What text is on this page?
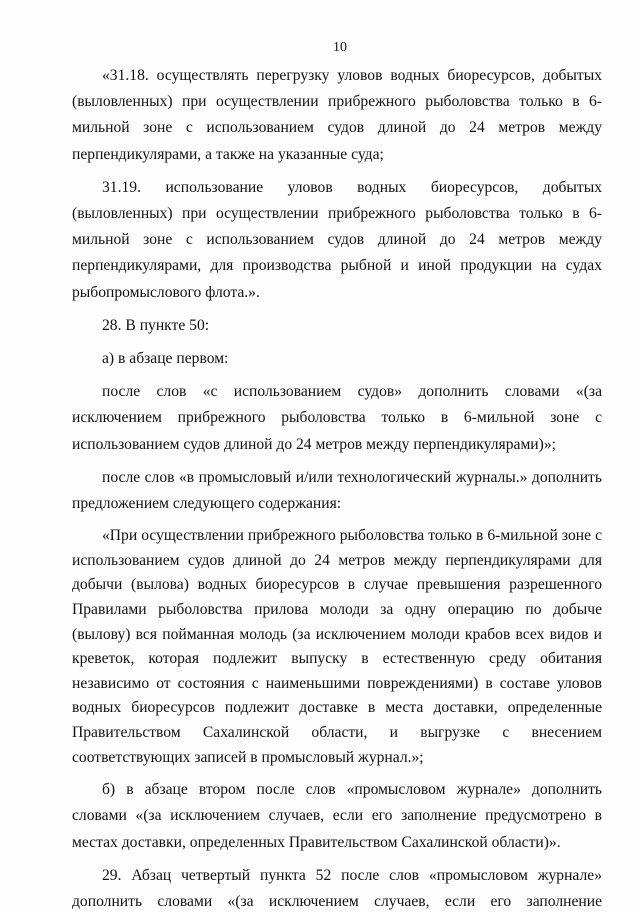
10

«31.18. осуществлять перегрузку уловов водных биоресурсов, добытых (выловленных) при осуществлении прибрежного рыболовства только в 6-мильной зоне с использованием судов длиной до 24 метров между перпендикулярами, а также на указанные суда;

31.19. использование уловов водных биоресурсов, добытых (выловленных) при осуществлении прибрежного рыболовства только в 6-мильной зоне с использованием судов длиной до 24 метров между перпендикулярами, для производства рыбной и иной продукции на судах рыбопромыслового флота.».

28. В пункте 50:

а) в абзаце первом:

после слов «с использованием судов» дополнить словами «(за исключением прибрежного рыболовства только в 6-мильной зоне с использованием судов длиной до 24 метров между перпендикулярами)»;

после слов «в промысловый и/или технологический журналы.» дополнить предложением следующего содержания:

«При осуществлении прибрежного рыболовства только в 6-мильной зоне с использованием судов длиной до 24 метров между перпендикулярами для добычи (вылова) водных биоресурсов в случае превышения разрешенного Правилами рыболовства прилова молоди за одну операцию по добыче (вылову) вся пойманная молодь (за исключением молоди крабов всех видов и креветок, которая подлежит выпуску в естественную среду обитания независимо от состояния с наименьшими повреждениями) в составе уловов водных биоресурсов подлежит доставке в места доставки, определенные Правительством Сахалинской области, и выгрузке с внесением соответствующих записей в промысловый журнал.»;

б) в абзаце втором после слов «промысловом журнале» дополнить словами «(за исключением случаев, если его заполнение предусмотрено в местах доставки, определенных Правительством Сахалинской области)».

29. Абзац четвертый пункта 52 после слов «промысловом журнале» дополнить словами «(за исключением случаев, если его заполнение
